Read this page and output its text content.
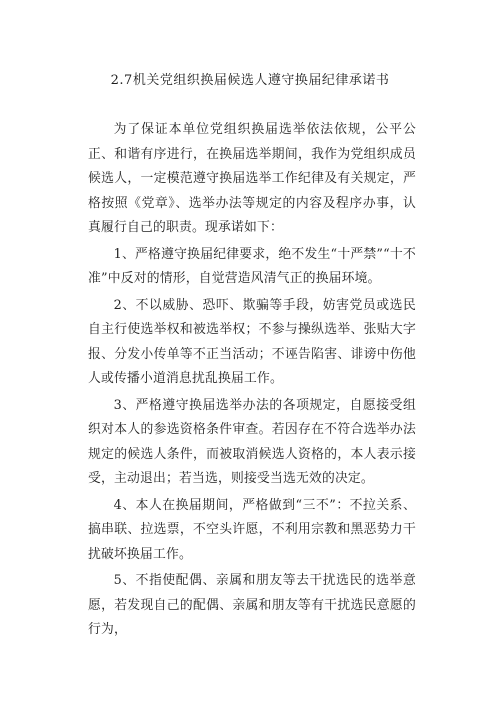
2.7机关党组织换届候选人遵守换届纪律承诺书

为了保证本单位党组织换届选举依法依规，公平公正、和谐有序进行，在换届选举期间，我作为党组织成员候选人，一定模范遵守换届选举工作纪律及有关规定，严格按照《党章》、选举办法等规定的内容及程序办事，认真履行自己的职责。现承诺如下：

1、严格遵守换届纪律要求，绝不发生“十严禁”“十不准”中反对的情形，自觉营造风清气正的换届环境。

2、不以威胁、恐吓、欺骗等手段，妨害党员或选民自主行使选举权和被选举权；不参与操纵选举、张贴大字报、分发小传单等不正当活动；不诬告陷害、诽谤中伤他人或传播小道消息扰乱换届工作。

3、严格遵守换届选举办法的各项规定，自愿接受组织对本人的参选资格条件审查。若因存在不符合选举办法规定的候选人条件，而被取消候选人资格的，本人表示接受，主动退出；若当选，则接受当选无效的决定。

4、本人在换届期间，严格做到“三不”：不拉关系、搞串联、拉选票，不空头许愿，不利用宗教和黑恶势力干扰破坏换届工作。

5、不指使配偶、亲属和朋友等去干扰选民的选举意愿，若发现自己的配偶、亲属和朋友等有干扰选民意愿的行为，
